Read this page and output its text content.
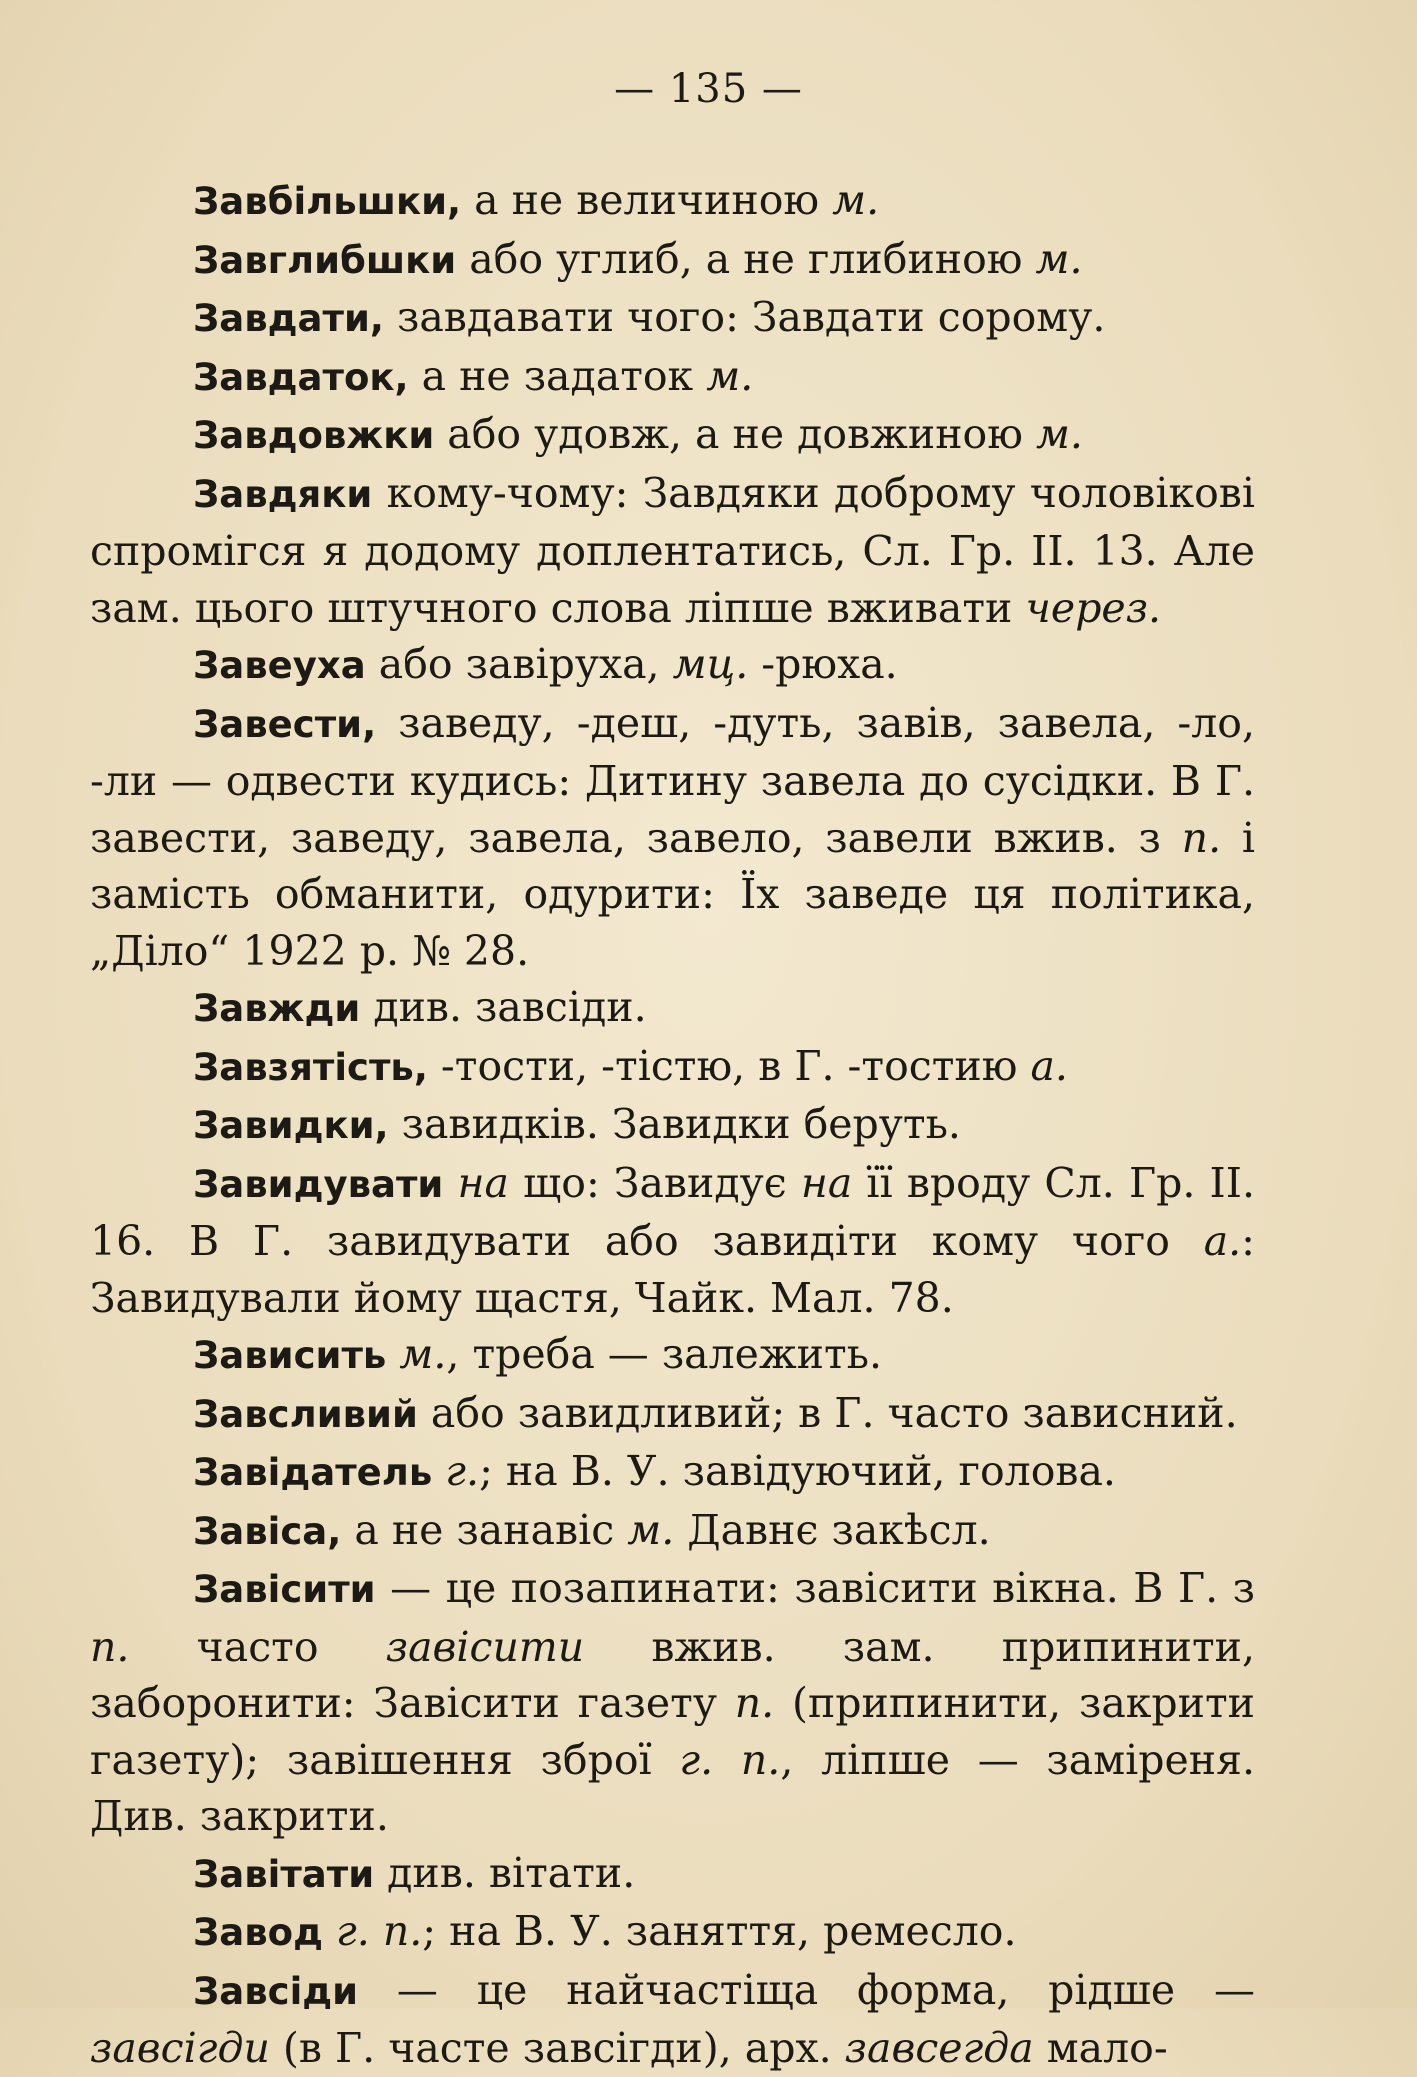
— 135 —

Завбільшки, а не величиною м.

Завглибшки або углиб, а не глибиною м.

Завдати, завдавати чого: Завдати сорому.

Завдаток, а не задаток м.

Завдовжки або удовж, а не довжиною м.

Завдяки кому-чому: Завдяки доброму чоловікові спромігся я додому доплентатись, Сл. Гр. II. 13. Але зам. цього штучного слова ліпше вживати через.

Завеуха або завіруха, мц. -рюха.

Завести, заведу, -деш, -дуть, завів, завела, -ло, -ли — одвести кудись: Дитину завела до сусідки. В Г. завести, заведу, завела, завело, завели вжив. з п. і замість обманити, одурити: Їх заведе ця політика, „Діло“ 1922 р. № 28.

Завжди див. завсіди.

Завзятість, -тости, -тістю, в Г. -тостию а.

Завидки, завидків. Завидки беруть.

Завидувати на що: Завидує на її вроду Сл. Гр. II. 16. В Г. завидувати або завидіти кому чого а.: Завидували йому щастя, Чайк. Мал. 78.

Зависить м., треба — залежить.

Завсливий або завидливий; в Г. часто зависний.

Завідатель г.; на В. У. завідуючий, голова.

Завіса, а не занавіс м. Давнє закѣсл.

Завісити — це позапинати: завісити вікна. В Г. з п. часто завісити вжив. зам. припинити, заборонити: Завісити газету п. (припинити, закрити газету); завішення зброї г. п., ліпше — заміреня. Див. закрити.

Завітати див. вітати.

Завод г. п.; на В. У. заняття, ремесло.

Завсіди — це найчастіща форма, рідше — завсігди (в Г. часте завсігди), арх. завсегда мало-
